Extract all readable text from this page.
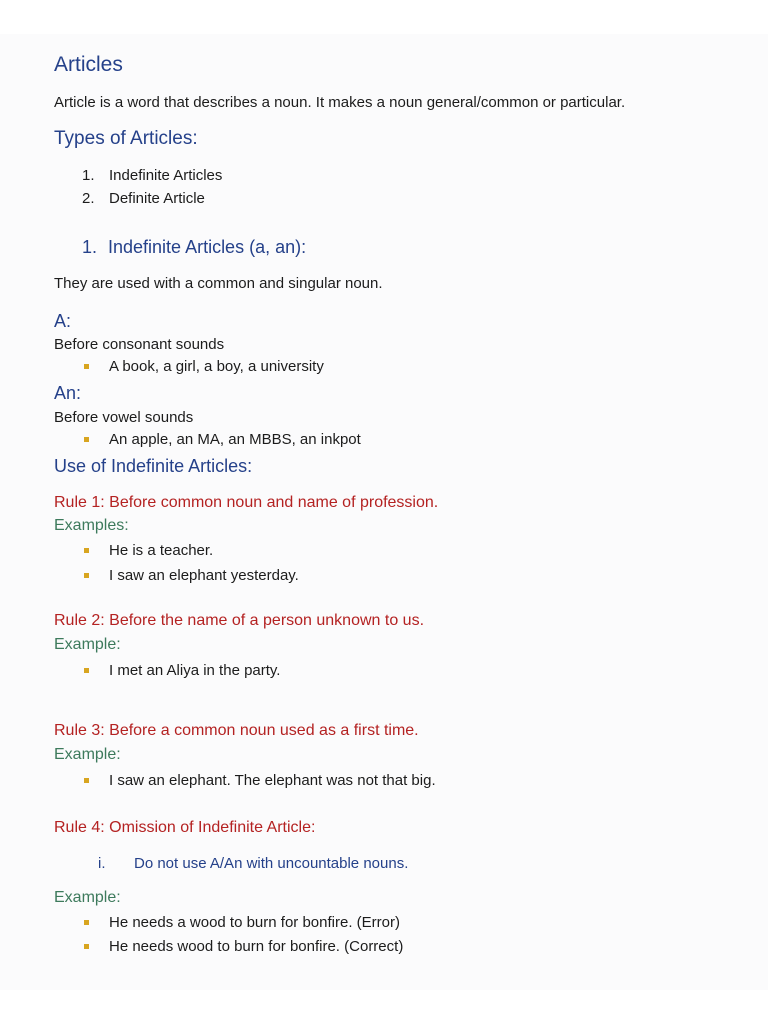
Articles
Article is a word that describes a noun. It makes a noun general/common or particular.
Types of Articles:
1. Indefinite Articles
2. Definite Article
1. Indefinite Articles (a, an):
They are used with a common and singular noun.
A:
Before consonant sounds
A book, a girl, a boy, a university
An:
Before vowel sounds
An apple, an MA, an MBBS, an inkpot
Use of Indefinite Articles:
Rule 1: Before common noun and name of profession.
Examples:
He is a teacher.
I saw an elephant yesterday.
Rule 2: Before the name of a person unknown to us.
Example:
I met an Aliya in the party.
Rule 3: Before a common noun used as a first time.
Example:
I saw an elephant. The elephant was not that big.
Rule 4: Omission of Indefinite Article:
i. Do not use A/An with uncountable nouns.
Example:
He needs a wood to burn for bonfire. (Error)
He needs wood to burn for bonfire. (Correct)
